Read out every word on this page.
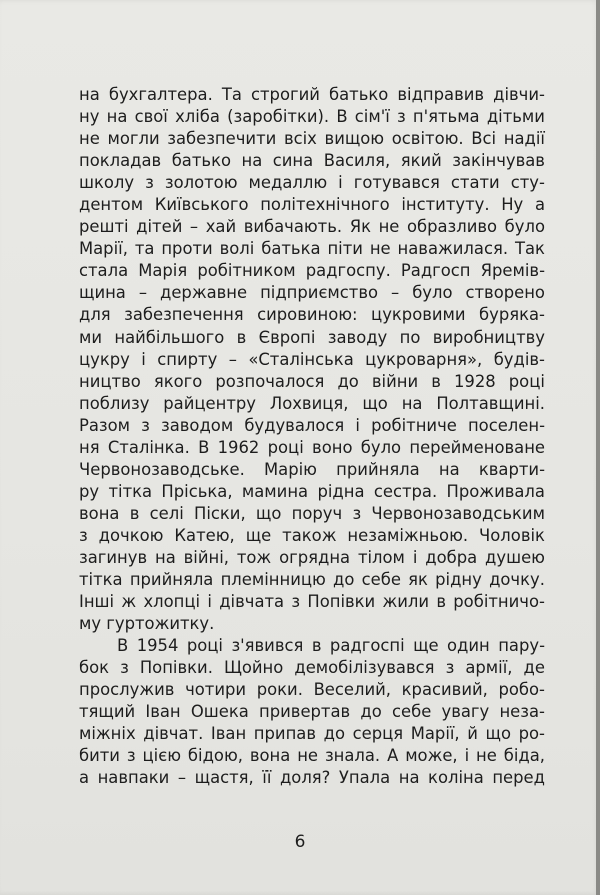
на бухгалтера. Та строгий батько відправив дівчи-
ну на свої хліба (заробітки). В сім'ї з п'ятьма дітьми
не могли забезпечити всіх вищою освітою. Всі надії
покладав батько на сина Василя, який закінчував
школу з золотою медаллю і готувався стати сту-
дентом Київського політехнічного інституту. Ну а
решті дітей – хай вибачають. Як не образливо було
Марії, та проти волі батька піти не наважилася. Так
стала Марія робітником радгоспу. Радгосп Яремів-
щина – державне підприємство – було створено
для забезпечення сировиною: цукровими буряка-
ми найбільшого в Європі заводу по виробництву
цукру і спирту – «Сталінська цукроварня», будів-
ництво якого розпочалося до війни в 1928 році
поблизу райцентру Лохвиця, що на Полтавщині.
Разом з заводом будувалося і робітниче поселен-
ня Сталінка. В 1962 році воно було перейменоване
Червонозаводське. Марію прийняла на кварти-
ру тітка Пріська, мамина рідна сестра. Проживала
вона в селі Піски, що поруч з Червонозаводським
з дочкою Катею, ще також незаміжньою. Чоловік
загинув на війні, тож огрядна тілом і добра душею
тітка прийняла племінницю до себе як рідну дочку.
Інші ж хлопці і дівчата з Попівки жили в робітничо-
му гуртожитку.
В 1954 році з'явився в радгоспі ще один пару-
бок з Попівки. Щойно демобілізувався з армії, де
прослужив чотири роки. Веселий, красивий, робо-
тящий Іван Ошека привертав до себе увагу неза-
міжніх дівчат. Іван припав до серця Марії, й що ро-
бити з цією бідою, вона не знала. А може, і не біда,
а навпаки – щастя, її доля? Упала на коліна перед
6
